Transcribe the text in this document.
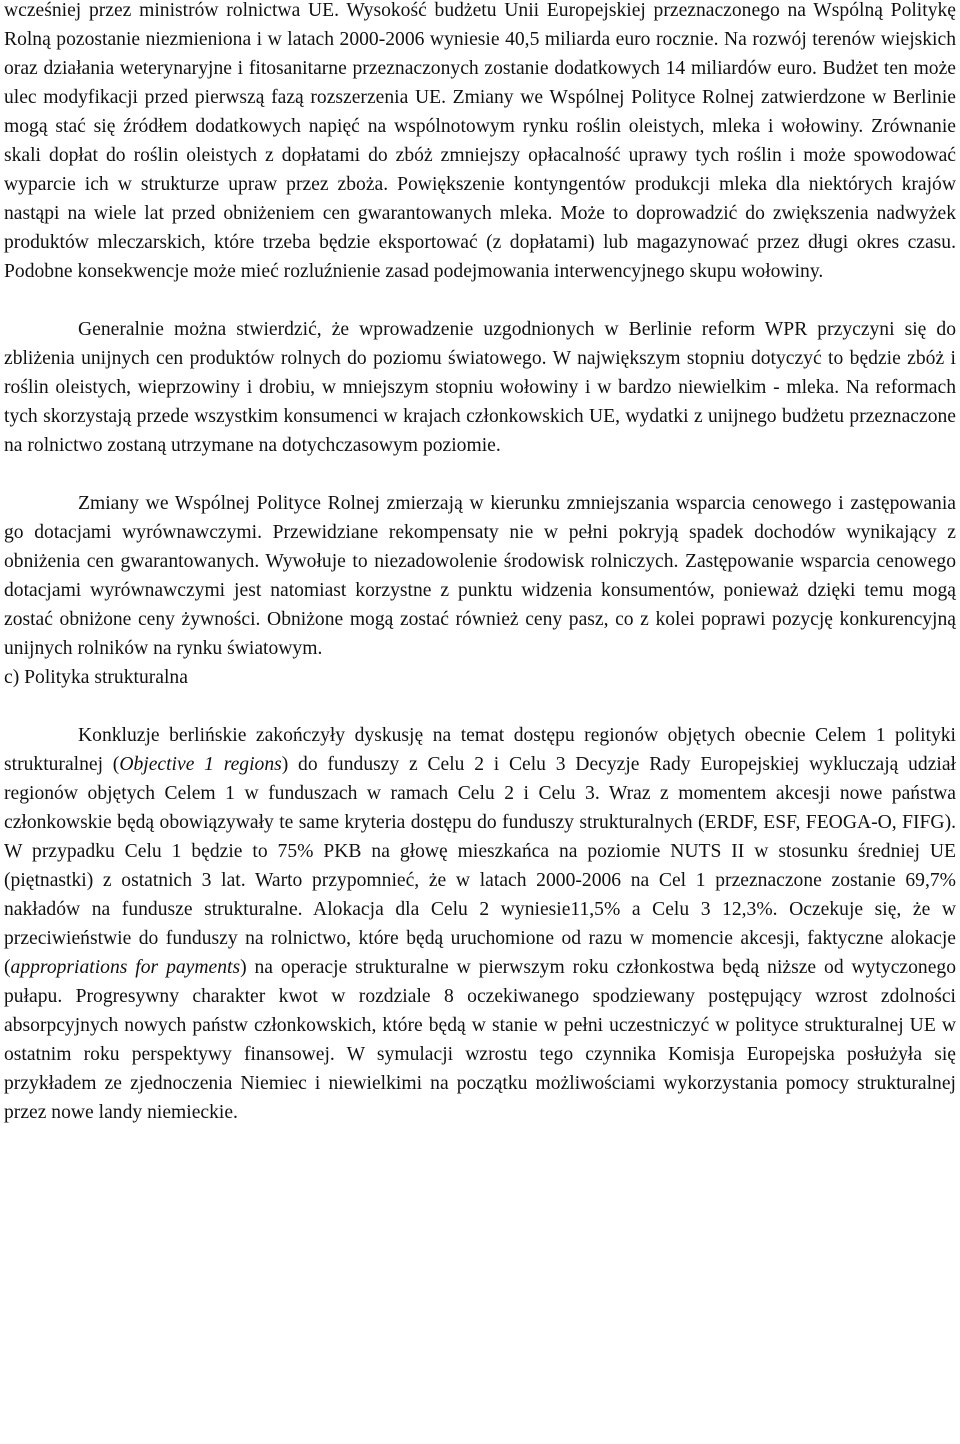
wcześniej przez ministrów rolnictwa UE. Wysokość budżetu Unii Europejskiej przeznaczonego na Wspólną Politykę Rolną pozostanie niezmieniona i w latach 2000-2006 wyniesie 40,5 miliarda euro rocznie. Na rozwój terenów wiejskich oraz działania weterynaryjne i fitosanitarne przeznaczonych zostanie dodatkowych 14 miliardów euro. Budżet ten może ulec modyfikacji przed pierwszą fazą rozszerzenia UE. Zmiany we Wspólnej Polityce Rolnej zatwierdzone w Berlinie mogą stać się źródłem dodatkowych napięć na wspólnotowym rynku roślin oleistych, mleka i wołowiny. Zrównanie skali dopłat do roślin oleistych z dopłatami do zbóż zmniejszy opłacalność uprawy tych roślin i może spowodować wyparcie ich w strukturze upraw przez zboża. Powiększenie kontyngentów produkcji mleka dla niektórych krajów nastąpi na wiele lat przed obniżeniem cen gwarantowanych mleka. Może to doprowadzić do zwiększenia nadwyżek produktów mleczarskich, które trzeba będzie eksportować (z dopłatami) lub magazynować przez długi okres czasu. Podobne konsekwencje może mieć rozluźnienie zasad podejmowania interwencyjnego skupu wołowiny.

Generalnie można stwierdzić, że wprowadzenie uzgodnionych w Berlinie reform WPR przyczyni się do zbliżenia unijnych cen produktów rolnych do poziomu światowego. W największym stopniu dotyczyć to będzie zbóż i roślin oleistych, wieprzowiny i drobiu, w mniejszym stopniu wołowiny i w bardzo niewielkim - mleka. Na reformach tych skorzystają przede wszystkim konsumenci w krajach członkowskich UE, wydatki z unijnego budżetu przeznaczone na rolnictwo zostaną utrzymane na dotychczasowym poziomie.

Zmiany we Wspólnej Polityce Rolnej zmierzają w kierunku zmniejszania wsparcia cenowego i zastępowania go dotacjami wyrównawczymi. Przewidziane rekompensaty nie w pełni pokryją spadek dochodów wynikający z obniżenia cen gwarantowanych. Wywołuje to niezadowolenie środowisk rolniczych. Zastępowanie wsparcia cenowego dotacjami wyrównawczymi jest natomiast korzystne z punktu widzenia konsumentów, ponieważ dzięki temu mogą zostać obniżone ceny żywności. Obniżone mogą zostać również ceny pasz, co z kolei poprawi pozycję konkurencyjną unijnych rolników na rynku światowym.

c) Polityka strukturalna

Konkluzje berlińskie zakończyły dyskusję na temat dostępu regionów objętych obecnie Celem 1 polityki strukturalnej (Objective 1 regions) do funduszy z Celu 2 i Celu 3 Decyzje Rady Europejskiej wykluczają udział regionów objętych Celem 1 w funduszach w ramach Celu 2 i Celu 3. Wraz z momentem akcesji nowe państwa członkowskie będą obowiązywały te same kryteria dostępu do funduszy strukturalnych (ERDF, ESF, FEOGA-O, FIFG). W przypadku Celu 1 będzie to 75% PKB na głowę mieszkańca na poziomie NUTS II w stosunku średniej UE (piętnastki) z ostatnich 3 lat. Warto przypomnieć, że w latach 2000-2006 na Cel 1 przeznaczone zostanie 69,7% nakładów na fundusze strukturalne. Alokacja dla Celu 2 wyniesie11,5% a Celu 3 12,3%. Oczekuje się, że w przeciwieństwie do funduszy na rolnictwo, które będą uruchomione od razu w momencie akcesji, faktyczne alokacje (appropriations for payments) na operacje strukturalne w pierwszym roku członkostwa będą niższe od wytyczonego pułapu. Progresywny charakter kwot w rozdziale 8 oczekiwanego spodziewany postępujący wzrost zdolności absorpcyjnych nowych państw członkowskich, które będą w stanie w pełni uczestniczyć w polityce strukturalnej UE w ostatnim roku perspektywy finansowej. W symulacji wzrostu tego czynnika Komisja Europejska posłużyła się przykładem ze zjednoczenia Niemiec i niewielkimi na początku możliwościami wykorzystania pomocy strukturalnej przez nowe landy niemieckie.
